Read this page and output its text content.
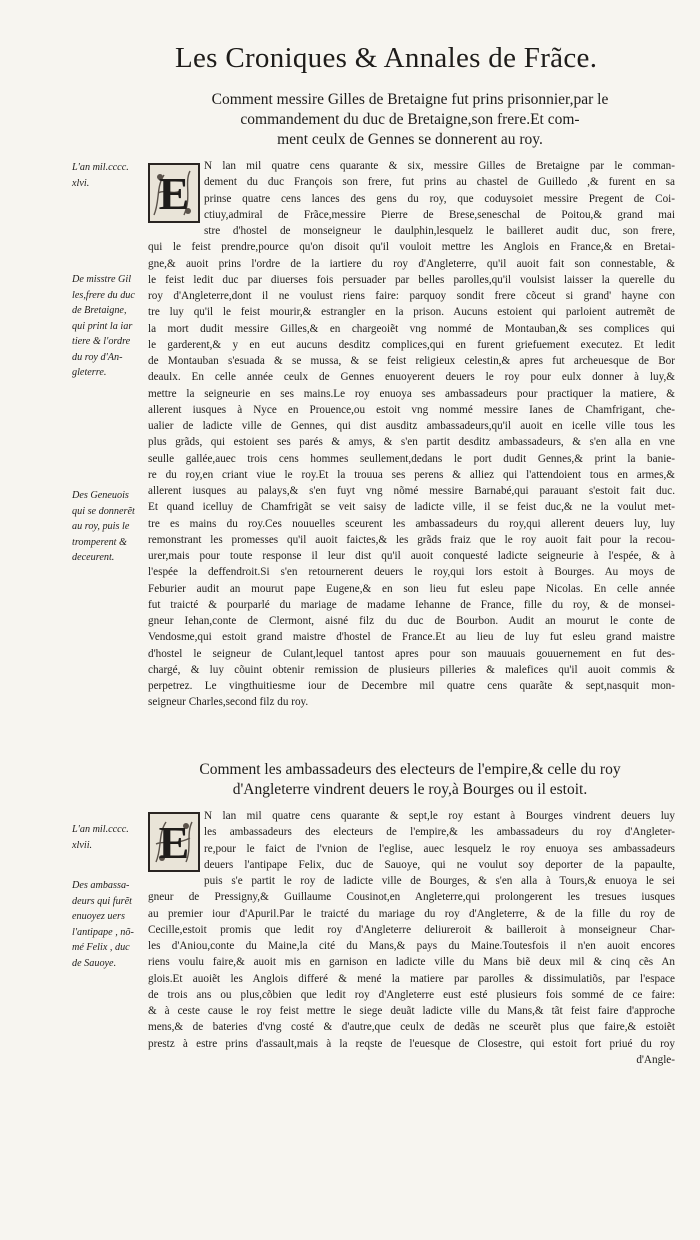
Les Croniques & Annales de Frãce.
Comment messire Gilles de Bretaigne fut prins prisonnier,par le
commandement du duc de Bretaigne,son frere.Et com-
ment ceulx de Gennes se donnerent au roy.
E
N lan mil quatre cens quarante & six, messire Gilles de Bretaigne par le comman-
dement du duc François son frere, fut prins au chastel de Guilledo ,& furent en sa
prinse quatre cens lances des gens du roy, que coduysoiet messire Pregent de Coi-
ctiuy,admiral de Frãce,messire Pierre de Brese,seneschal de Poitou,& grand mai
stre d'hostel de monseigneur le daulphin,lesquelz le bailleret audit duc, son frere,
qui le feist prendre,pource qu'on disoit qu'il vouloit mettre les Anglois en France,& en Bretai-
gne,& auoit prins l'ordre de la iartiere du roy d'Angleterre, qu'il auoit fait son connestable, &
le feist ledit duc par diuerses fois persuader par belles parolles,qu'il voulsist laisser la querelle du
roy d'Angleterre,dont il ne voulust riens faire: parquoy sondit frere cõceut si grand' hayne con
tre luy qu'il le feist mourir,& estrangler en la prison. Aucuns estoient qui parloient autremẽt de
la mort dudit messire Gilles,& en chargeoiẽt vng nommé de Montauban,& ses complices qui
le garderent,& y en eut aucuns desditz complices,qui en furent griefuement executez. Et ledit
de Montauban s'esuada & se mussa, & se feist religieux celestin,& apres fut archeuesque de Bor
deaulx. En celle année ceulx de Gennes enuoyerent deuers le roy pour eulx donner à luy,&
mettre la seigneurie en ses mains.Le roy enuoya ses ambassadeurs pour practiquer la matiere, &
allerent iusques à Nyce en Prouence,ou estoit vng nommé messire Ianes de Chamfrigant, che-
ualier de ladicte ville de Gennes, qui dist ausditz ambassadeurs,qu'il auoit en icelle ville tous les
plus grãds, qui estoient ses parés & amys, & s'en partit desditz ambassadeurs, & s'en alla en vne
seulle gallée,auec trois cens hommes seullement,dedans le port dudit Gennes,& print la banie-
re du roy,en criant viue le roy.Et la trouua ses perens & alliez qui l'attendoient tous en armes,&
allerent iusques au palays,& s'en fuyt vng nõmé messire Barnabé,qui parauant s'estoit fait duc.
Et quand icelluy de Chamfrigãt se veit saisy de ladicte ville, il se feist duc,& ne la voulut met-
tre es mains du roy.Ces nouuelles sceurent les ambassadeurs du roy,qui allerent deuers luy, luy
remonstrant les promesses qu'il auoit faictes,& les grãds fraiz que le roy auoit fait pour la recou-
urer,mais pour toute response il leur dist qu'il auoit conquesté ladicte seigneurie à l'espée, & à
l'espée la deffendroit.Si s'en retournerent deuers le roy,qui lors estoit à Bourges. Au moys de
Feburier audit an mourut pape Eugene,& en son lieu fut esleu pape Nicolas. En celle année
fut traicté & pourparlé du mariage de madame Iehanne de France, fille du roy, & de monsei-
gneur Iehan,conte de Clermont, aisné filz du duc de Bourbon. Audit an mourut le conte de
Vendosme,qui estoit grand maistre d'hostel de France.Et au lieu de luy fut esleu grand maistre
d'hostel le seigneur de Culant,lequel tantost apres pour son mauuais gouuernement en fut des-
chargé, & luy cõuint obtenir remission de plusieurs pilleries & malefices qu'il auoit commis &
perpetrez. Le vingthuitiesme iour de Decembre mil quatre cens quarãte & sept,nasquit mon-
seigneur Charles,second filz du roy.
Comment les ambassadeurs des electeurs de l'empire,& celle du roy
d'Angleterre vindrent deuers le roy,à Bourges ou il estoit.
E
N lan mil quatre cens quarante & sept,le roy estant à Bourges vindrent deuers luy
les ambassadeurs des electeurs de l'empire,& les ambassadeurs du roy d'Angleter-
re,pour le faict de l'vnion de l'eglise, auec lesquelz le roy enuoya ses ambassadeurs
deuers l'antipape Felix, duc de Sauoye, qui ne voulut soy deporter de la papaulte,
puis s'e partit le roy de ladicte ville de Bourges, & s'en alla à Tours,& enuoya le sei
gneur de Pressigny,& Guillaume Cousinot,en Angleterre,qui prolongerent les tresues iusques
au premier iour d'Apuril.Par le traicté du mariage du roy d'Angleterre, & de la fille du roy de
Cecille,estoit promis que ledit roy d'Angleterre deliureroit & bailleroit à monseigneur Char-
les d'Aniou,conte du Maine,la cité du Mans,& pays du Maine.Toutesfois il n'en auoit encores
riens voulu faire,& auoit mis en garnison en ladicte ville du Mans biẽ deux mil & cinq cẽs An
glois.Et auoiẽt les Anglois differé & mené la matiere par parolles & dissimulatiõs, par l'espace
de trois ans ou plus,cõbien que ledit roy d'Angleterre eust esté plusieurs fois sommé de ce faire:
& à ceste cause le roy feist mettre le siege deuãt ladicte ville du Mans,& tãt feist faire d'approche
mens,& de bateries d'vng costé & d'autre,que ceulx de dedãs ne sceurẽt plus que faire,& estoiẽt
prestz à estre prins d'assault,mais à la reqste de l'euesque de Closestre, qui estoit fort priué du roy
d'Angle-
L'an mil.cccc.
xlvi.
De misstre Gil
les,frere du duc
de Bretaigne,
qui print la iar
tiere & l'ordre
du roy d'An-
gleterre.
Des Geneuois
qui se donnerẽt
au roy, puis le
tromperent &
deceurent.
L'an mil.cccc.
xlvii.
Des ambassa-
deurs qui furẽt
enuoyez uers
l'antipape , nõ-
mé Felix , duc
de Sauoye.
